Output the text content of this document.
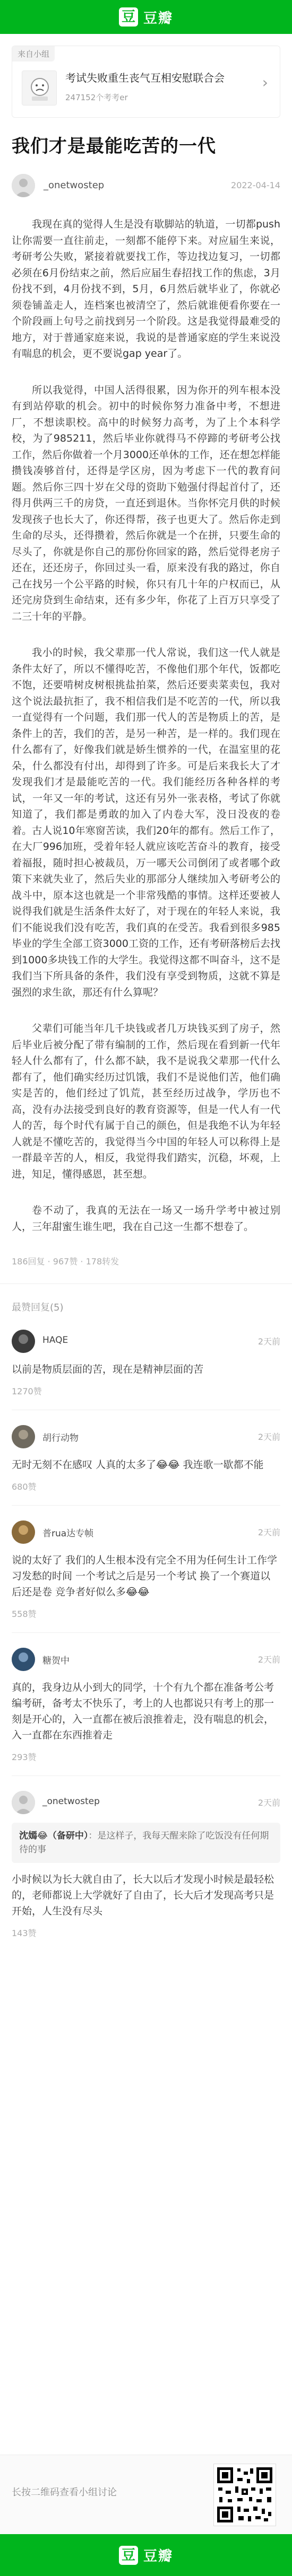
豆 豆瓣
来自小组
考试失败重生丧气互相安慰联合会
247152个考考er
›
我们才是最能吃苦的一代
_onetwostep	2022-04-14

我现在真的觉得人生是没有歇脚站的轨道，一切都push让你需要一直往前走，一刻都不能停下来。对应届生来说，考研考公失败，紧接着就要找工作，等边找边复习，一切都必须在6月份结束之前，然后应届生春招找工作的焦虑，3月份找不到，4月份找不到，5月，6月然后就毕业了，你就必须卷铺盖走人，连档案也被清空了，然后就谁便看你要在一个阶段画上句号之前找到另一个阶段。这是我觉得最难受的地方，对于普通家庭来说，我说的是普通家庭的学生来说没有喘息的机会，更不要说gap year了。

所以我觉得，中国人活得很累，因为你开的列车根本没有到站停歇的机会。初中的时候你努力准备中考，不想进厂，不想读职校。高中的时候努力高考，为了上个本科学校，为了985211，然后毕业你就得马不停蹄的考研考公找工作，然后你做着一个月3000还单休的工作，还在想怎样能攒钱凑够首付，还得是学区房，因为考虑下一代的教育问题。然后你三四十岁在父母的资助下勉强付得起首付了，还得月供两三千的房贷，一直还到退休。当你怀完月供的时候发现孩子也长大了，你还得帮，孩子也更大了。然后你走到生命的尽头，还得攒着，然后你就是一个在拼，只要生命的尽头了，你就是你自己的那份你回家的路，然后觉得老房子还在，还还房子，你回过头一看，原来没有我的路过，你自己在找另一个公平路的时候，你只有几十年的户权而已，从还完房贷到生命结束，还有多少年，你花了上百万只享受了二三十年的平静。

我小的时候，我父辈那一代人常说，我们这一代人就是条件太好了，所以不懂得吃苦，不像他们那个年代，饭都吃不饱，还要啃树皮树根挑盐拍菜，然后还要卖菜卖包，我对这个说法最抗拒了，我不相信我们是不吃苦的一代，所以我一直觉得有一个问题，我们那一代人的苦是物质上的苦，是条件上的苦，我们的苦，是另一种苦，是一样的。我们现在什么都有了，好像我们就是娇生惯养的一代，在温室里的花朵，什么都没有付出，却得到了许多。可是后来我长大了才发现我们才是最能吃苦的一代。我们能经历各种各样的考试，一年又一年的考试，这还有另外一张表格，考试了你就知道了，我们都是勇敢的加入了内卷大军，没日没夜的卷着。古人说10年寒窗苦读，我们20年的都有。然后工作了，在大厂996加班，受着年轻人就应该吃苦奋斗的教育，接受着福报，随时担心被裁员，万一哪天公司倒闭了或者哪个政策下来就失业了，然后失业的那部分人继续加入考研考公的战斗中，原本这也就是一个非常残酷的事情。这样还要被人说得我们就是生活条件太好了，对于现在的年轻人来说，我们不能说我们没有吃苦，我们真的在受苦。我看到很多985毕业的学生全部工资3000工资的工作，还有考研落榜后去找到1000多块钱工作的大学生。我觉得这都不叫奋斗，这不是我们当下所具备的条件，我们没有享受到物质，这就不算是强烈的求生欲，那还有什么算呢？

父辈们可能当年几千块钱或者几万块钱买到了房子，然后毕业后被分配了带有编制的工作，然后现在看到新一代年轻人什么都有了，什么都不缺，我不是说我父辈那一代什么都有了，他们确实经历过饥饿，我们不是说他们苦，他们确实是苦的，他们经过了饥荒，甚至经历过战争，学历也不高，没有办法接受到良好的教育资源等，但是一代人有一代人的苦，每个时代有属于自己的颜色，但是我绝不认为年轻人就是不懂吃苦的，我觉得当今中国的年轻人可以称得上是一群最辛苦的人，相反，我觉得我们踏实，沉稳，坏观，上进，知足，懂得感恩，甚至想。

卷不动了，我真的无法在一场又一场升学考中被过别人，三年甜蜜生谁生吧，我在自己这一生都不想卷了。

186回复 · 967赞 · 178转发
最赞回复(5)
HAQE	2天前
以前是物质层面的苦，现在是精神层面的苦
1270赞
胡行动物	2天前
无时无刻不在感叹 人真的太多了😂😂 我连歌一歇都不能
680赞
普rua达专帧	2天前
说的太好了 我们的人生根本没有完全不用为任何生计工作学习发愁的时间 一个考试之后是另一个考试 换了一个赛道以后还是卷 竞争者好似么多😂😂
558赞
糖贺中	2天前
真的，我身边从小到大的同学，十个有九个都在准备考公考编考研，备考太不快乐了，考上的人也都说只有考上的那一刻是开心的，入一直都在被后浪推着走，没有喘息的机会，入一直都在东西推着走
293赞
_onetwostep	2天前
沈嫣😂（备研中）：是这样子，我每天醒来除了吃饭没有任何期待的事
小时候以为长大就自由了，长大以后才发现小时候是最轻松的，老师都说上大学就好了自由了，长大后才发现高考只是开始，人生没有尽头
143赞
长按二维码查看小组讨论
豆 豆瓣
